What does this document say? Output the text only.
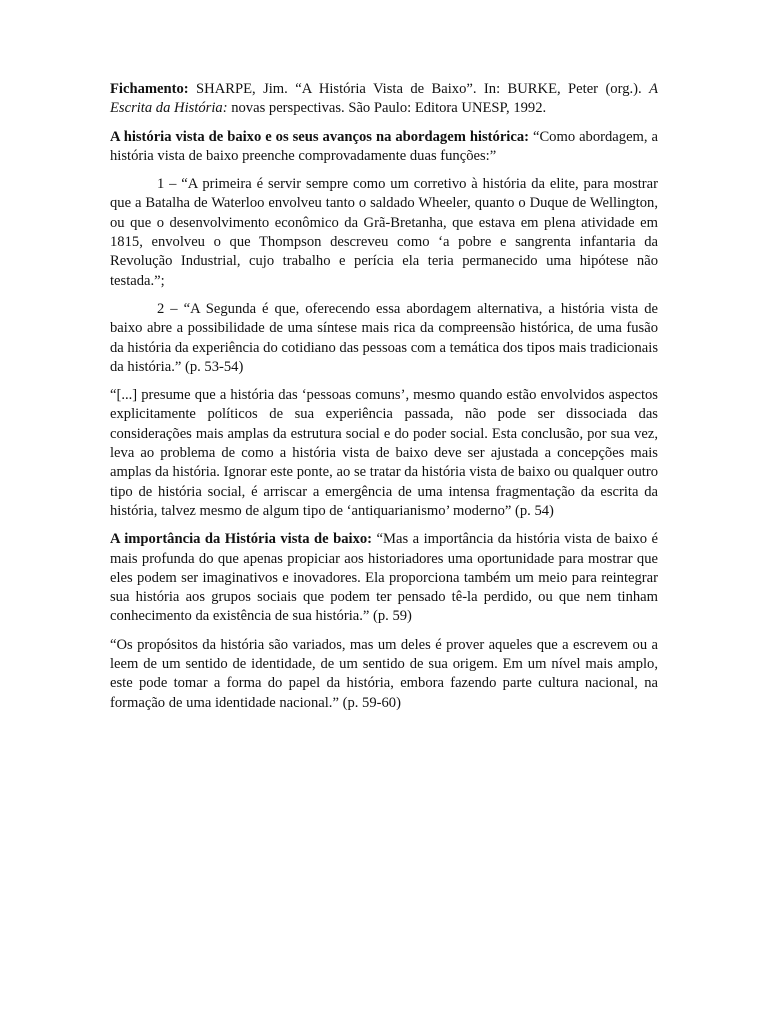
Fichamento: SHARPE, Jim. “A História Vista de Baixo”. In: BURKE, Peter (org.). A Escrita da História: novas perspectivas. São Paulo: Editora UNESP, 1992.

A história vista de baixo e os seus avanços na abordagem histórica: “Como abordagem, a história vista de baixo preenche comprovadamente duas funções:”

1 – “A primeira é servir sempre como um corretivo à história da elite, para mostrar que a Batalha de Waterloo envolveu tanto o saldado Wheeler, quanto o Duque de Wellington, ou que o desenvolvimento econômico da Grã-Bretanha, que estava em plena atividade em 1815, envolveu o que Thompson descreveu como ‘a pobre e sangrenta infantaria da Revolução Industrial, cujo trabalho e perícia ela teria permanecido uma hipótese não testada.”;

2 – “A Segunda é que, oferecendo essa abordagem alternativa, a história vista de baixo abre a possibilidade de uma síntese mais rica da compreensão histórica, de uma fusão da história da experiência do cotidiano das pessoas com a temática dos tipos mais tradicionais da história.” (p. 53-54)

“[...] presume que a história das ‘pessoas comuns’, mesmo quando estão envolvidos aspectos explicitamente políticos de sua experiência passada, não pode ser dissociada das considerações mais amplas da estrutura social e do poder social. Esta conclusão, por sua vez, leva ao problema de como a história vista de baixo deve ser ajustada a concepções mais amplas da história. Ignorar este ponte, ao se tratar da história vista de baixo ou qualquer outro tipo de história social, é arriscar a emergência de uma intensa fragmentação da escrita da história, talvez mesmo de algum tipo de ‘antiquarianismo’ moderno” (p. 54)

A importância da História vista de baixo: “Mas a importância da história vista de baixo é mais profunda do que apenas propiciar aos historiadores uma oportunidade para mostrar que eles podem ser imaginativos e inovadores. Ela proporciona também um meio para reintegrar sua história aos grupos sociais que podem ter pensado tê-la perdido, ou que nem tinham conhecimento da existência de sua história.” (p. 59)

“Os propósitos da história são variados, mas um deles é prover aqueles que a escrevem ou a leem de um sentido de identidade, de um sentido de sua origem. Em um nível mais amplo, este pode tomar a forma do papel da história, embora fazendo parte cultura nacional, na formação de uma identidade nacional.” (p. 59-60)
